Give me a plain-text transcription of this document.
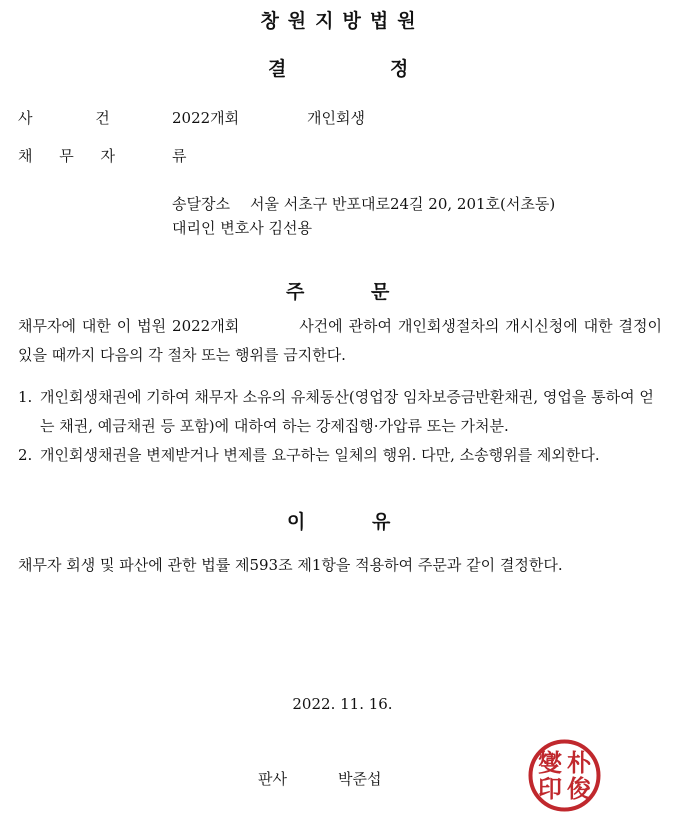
창원지방법원
결	정
사 건	2022개회	개인회생
채 무 자	류
송달장소 서울 서초구 반포대로24길 20, 201호(서초동)
대리인 변호사 김선용
주	문
채무자에 대한 이 법원 2022개회	사건에 관하여 개인회생절차의 개시신청에 대한 결정이 있을 때까지 다음의 각 절차 또는 행위를 금지한다.
1. 개인회생채권에 기하여 채무자 소유의 유체동산(영업장 임차보증금반환채권, 영업을 통하여 얻는 채권, 예금채권 등 포함)에 대하여 하는 강제집행·가압류 또는 가처분.
2. 개인회생채권을 변제받거나 변제를 요구하는 일체의 행위. 다만, 소송행위를 제외한다.
이	유
채무자 회생 및 파산에 관한 법률 제593조 제1항을 적용하여 주문과 같이 결정한다.
2022. 11. 16.
판사	박준섭
朴
俊
燮
印
